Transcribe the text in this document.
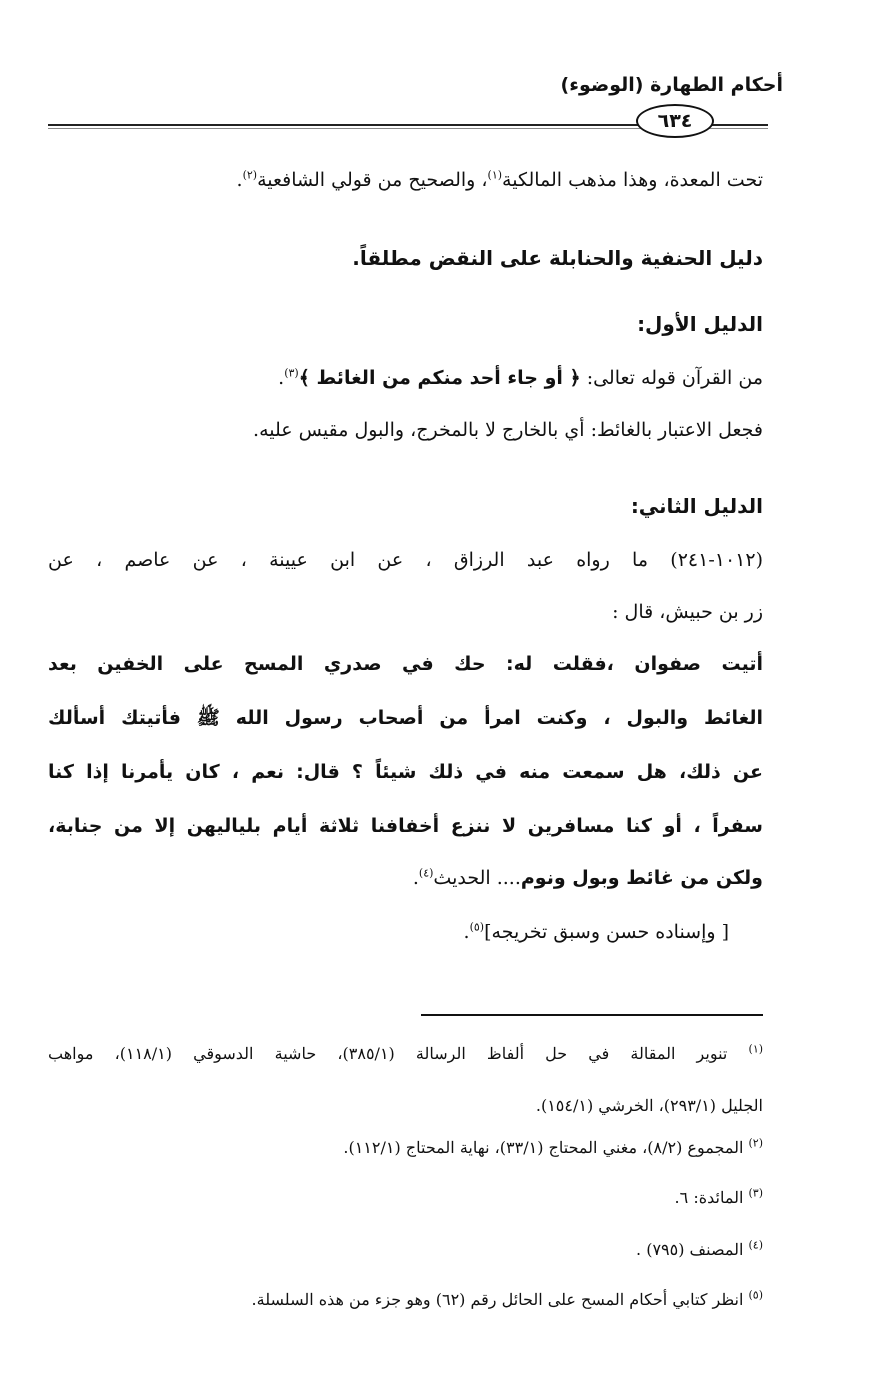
أحكام الطهارة (الوضوء)
٦٣٤
تحت المعدة، وهذا مذهب المالكية$^{(١)}$، والصحيح من قولي الشافعية$^{(٢)}$.
دليل الحنفية والحنابلة على النقض مطلقاً.
الدليل الأول:
من القرآن قوله تعالى: ﴿ أو جاء أحد منكم من الغائط ﴾$^{(٣)}$.
فجعل الاعتبار بالغائط: أي بالخارج لا بالمخرج، والبول مقيس عليه.
الدليل الثاني:
(١٠١٢-٢٤١) ما رواه عبد الرزاق ، عن ابن عيينة ، عن عاصم ، عن
زر بن حبيش، قال :
أتيت صفوان ،فقلت له: حك في صدري المسح على الخفين بعد
الغائط والبول ، وكنت امرأ من أصحاب رسول الله ﷺ فأتيتك أسألك
عن ذلك، هل سمعت منه في ذلك شيئاً ؟ قال: نعم ، كان يأمرنا إذا كنا
سفراً ، أو كنا مسافرين لا ننزع أخفافنا ثلاثة أيام بلياليهن إلا من جنابة،
ولكن من غائط وبول ونوم.... الحديث$^{(٤)}$.
[ وإسناده حسن وسبق تخريجه]$^{(٥)}$.
$^{(١)}$ تنوير المقالة في حل ألفاظ الرسالة (٣٨٥/١)، حاشية الدسوقي (١١٨/١)، مواهب
الجليل (٢٩٣/١)، الخرشي (١٥٤/١).
$^{(٢)}$ المجموع (٨/٢)، مغني المحتاج (٣٣/١)، نهاية المحتاج (١١٢/١).
$^{(٣)}$ المائدة: ٦.
$^{(٤)}$ المصنف (٧٩٥) .
$^{(٥)}$ انظر كتابي أحكام المسح على الحائل رقم (٦٢) وهو جزء من هذه السلسلة.
